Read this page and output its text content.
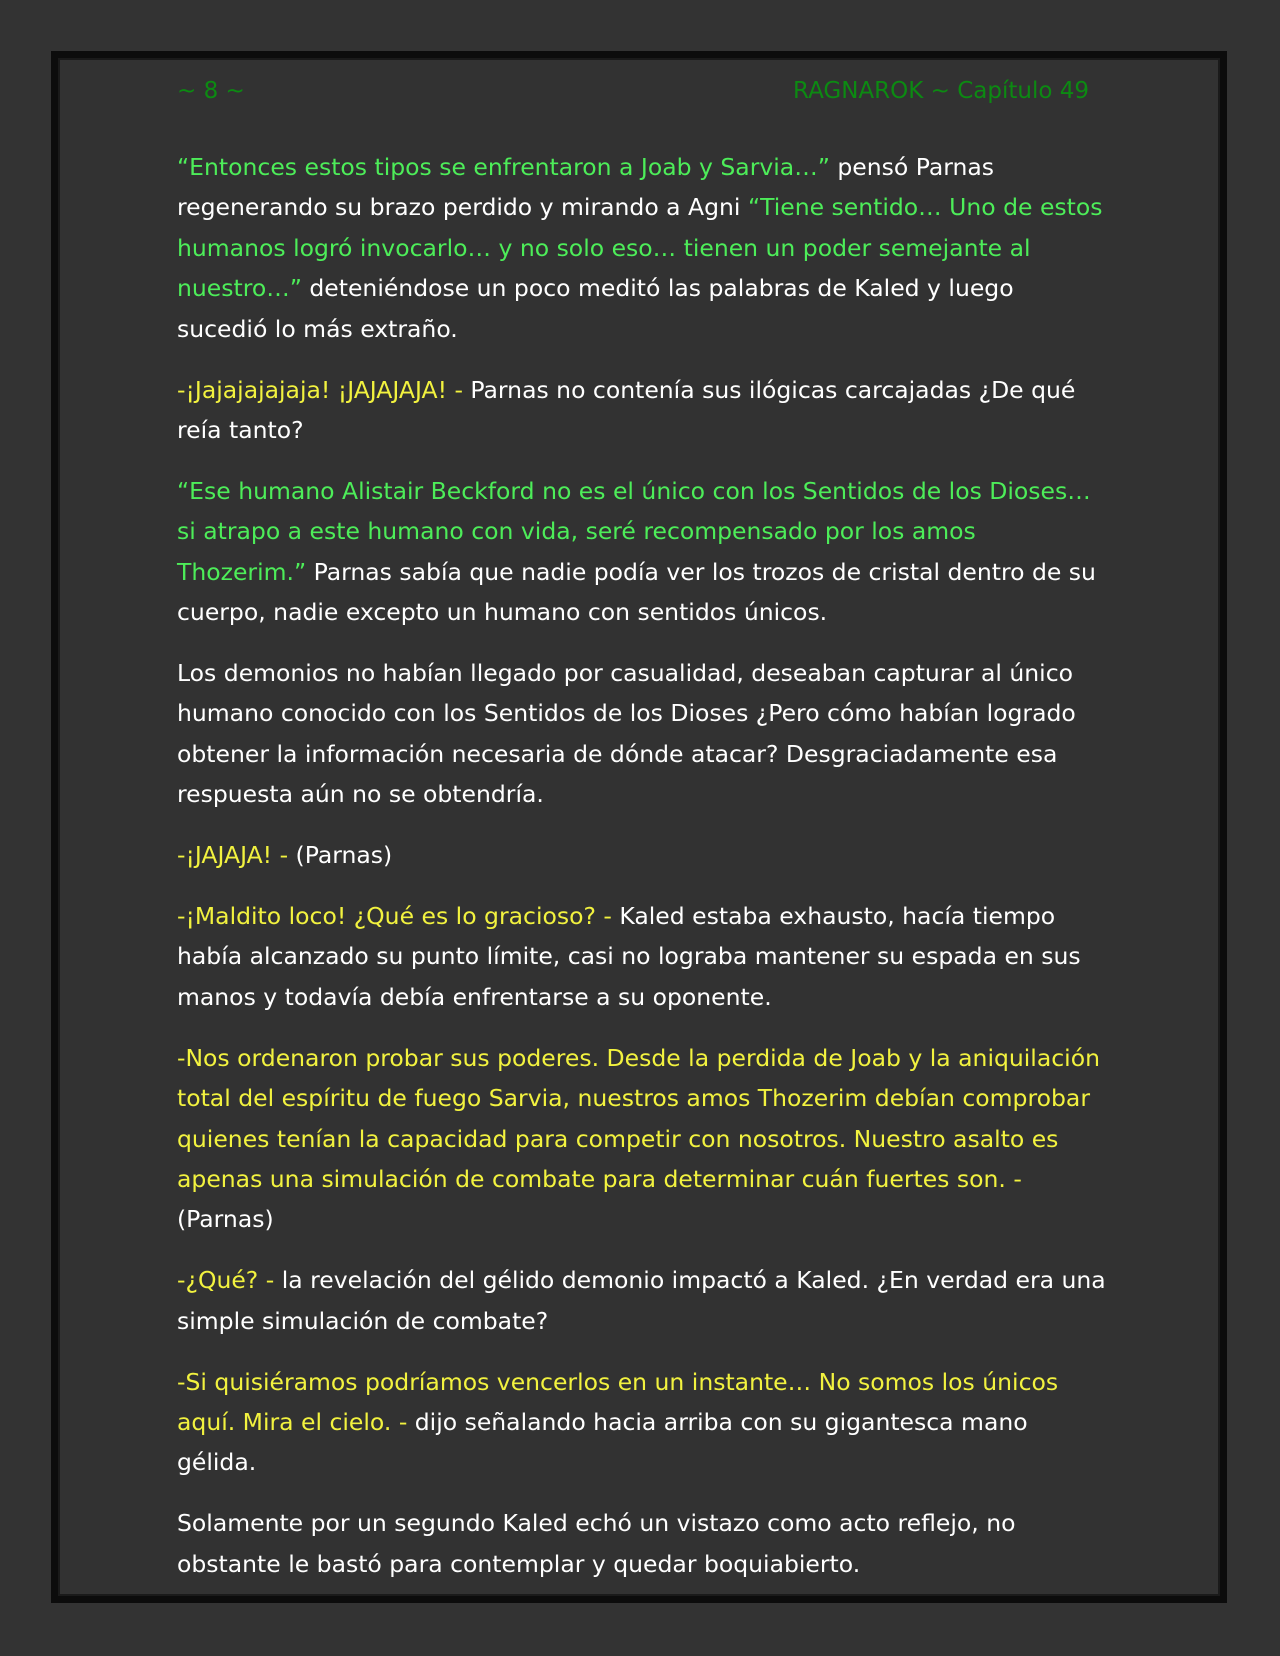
~ 8 ~	RAGNAROK ~ Capítulo 49

“Entonces estos tipos se enfrentaron a Joab y Sarvia…” pensó Parnas regenerando su brazo perdido y mirando a Agni “Tiene sentido… Uno de estos humanos logró invocarlo… y no solo eso… tienen un poder semejante al nuestro…” deteniéndose un poco meditó las palabras de Kaled y luego sucedió lo más extraño.

-¡Jajajajajaja! ¡JAJAJAJA! - Parnas no contenía sus ilógicas carcajadas ¿De qué reía tanto?

“Ese humano Alistair Beckford no es el único con los Sentidos de los Dioses… si atrapo a este humano con vida, seré recompensado por los amos Thozerim.” Parnas sabía que nadie podía ver los trozos de cristal dentro de su cuerpo, nadie excepto un humano con sentidos únicos.

Los demonios no habían llegado por casualidad, deseaban capturar al único humano conocido con los Sentidos de los Dioses ¿Pero cómo habían logrado obtener la información necesaria de dónde atacar? Desgraciadamente esa respuesta aún no se obtendría.

-¡JAJAJA! - (Parnas)

-¡Maldito loco! ¿Qué es lo gracioso? - Kaled estaba exhausto, hacía tiempo había alcanzado su punto límite, casi no lograba mantener su espada en sus manos y todavía debía enfrentarse a su oponente.

-Nos ordenaron probar sus poderes. Desde la perdida de Joab y la aniquilación total del espíritu de fuego Sarvia, nuestros amos Thozerim debían comprobar quienes tenían la capacidad para competir con nosotros. Nuestro asalto es apenas una simulación de combate para determinar cuán fuertes son. - (Parnas)

-¿Qué? - la revelación del gélido demonio impactó a Kaled. ¿En verdad era una simple simulación de combate?

-Si quisiéramos podríamos vencerlos en un instante… No somos los únicos aquí. Mira el cielo. - dijo señalando hacia arriba con su gigantesca mano gélida.

Solamente por un segundo Kaled echó un vistazo como acto reflejo, no obstante le bastó para contemplar y quedar boquiabierto.
